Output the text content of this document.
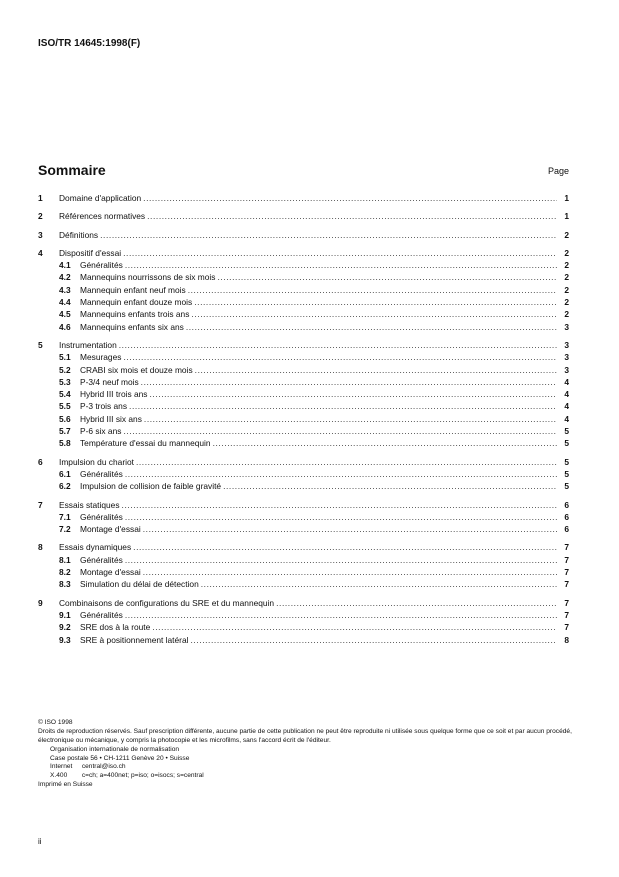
ISO/TR 14645:1998(F)
Sommaire	Page
1	Domaine d'application .....	1
2	Références normatives .....	1
3	Définitions .....	2
4	Dispositif d'essai .....	2
4.1	Généralités .....	2
4.2	Mannequins nourrissons de six mois .....	2
4.3	Mannequin enfant neuf mois .....	2
4.4	Mannequin enfant douze mois .....	2
4.5	Mannequins enfants trois ans .....	2
4.6	Mannequins enfants six ans .....	3
5	Instrumentation .....	3
5.1	Mesurages .....	3
5.2	CRABI six mois et douze mois .....	3
5.3	P-3/4 neuf mois .....	4
5.4	Hybrid III trois ans .....	4
5.5	P-3 trois ans .....	4
5.6	Hybrid III six ans .....	4
5.7	P-6 six ans .....	5
5.8	Température d'essai du mannequin .....	5
6	Impulsion du chariot .....	5
6.1	Généralités .....	5
6.2	Impulsion de collision de faible gravité .....	5
7	Essais statiques .....	6
7.1	Généralités .....	6
7.2	Montage d'essai .....	6
8	Essais dynamiques .....	7
8.1	Généralités .....	7
8.2	Montage d'essai .....	7
8.3	Simulation du délai de détection .....	7
9	Combinaisons de configurations du SRE et du mannequin .....	7
9.1	Généralités .....	7
9.2	SRE dos à la route .....	7
9.3	SRE à positionnement latéral .....	8
© ISO 1998
Droits de reproduction réservés. Sauf prescription différente, aucune partie de cette publication ne peut être reproduite ni utilisée sous quelque forme que ce soit et par aucun procédé, électronique ou mécanique, y compris la photocopie et les microfilms, sans l'accord écrit de l'éditeur.
Organisation internationale de normalisation
Case postale 56 • CH-1211 Genève 20 • Suisse
Internet central@iso.ch
X.400 c=ch; a=400net; p=iso; o=isocs; s=central
Imprimé en Suisse
ii
